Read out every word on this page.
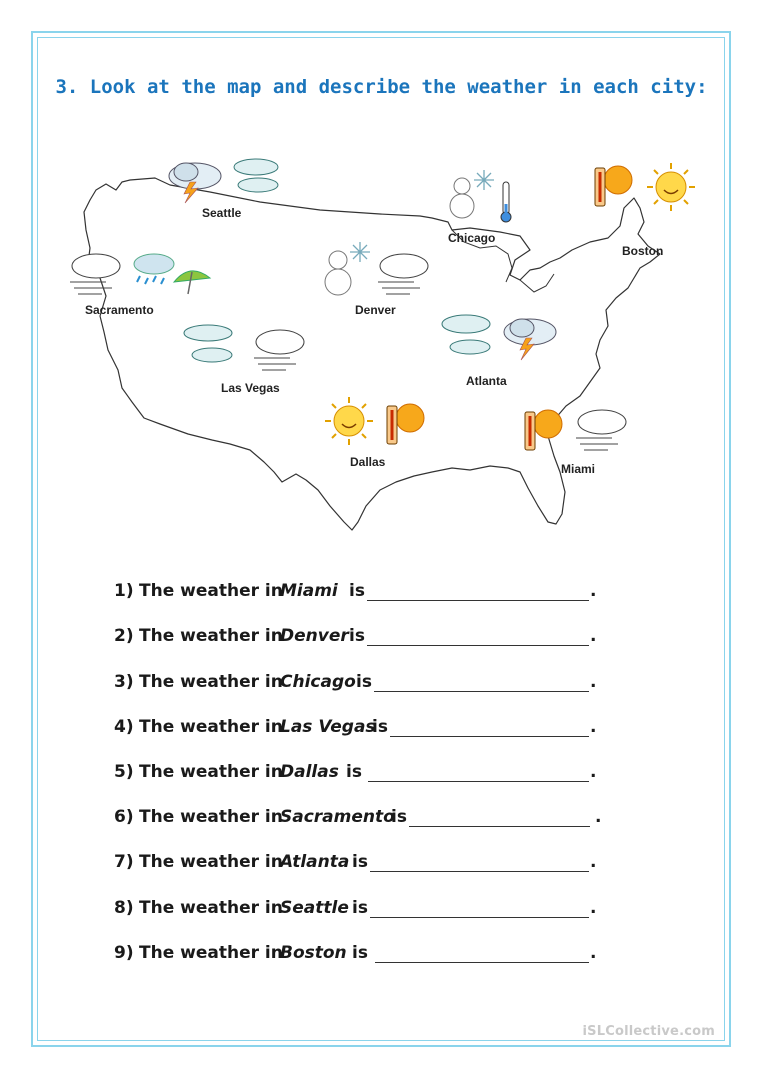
3. Look at the map and describe the weather in each city:
Seattle
Chicago
Boston
Sacramento	Denver
Las Vegas	Atlanta
Dallas	Miami
1) The weather in
Miami is	.
2) The weather in
Denver is	.
3) The weather in
Chicago is	.
4) The weather in
Las Vegas
is	.
5) The weather in
Dallas is	.
6) The weather in
Sacramento
is	.
7) The weather in
Atlanta is	.
8) The weather in
Seattle is	.
9) The weather in
Boston is	.
iSLCollective.com
